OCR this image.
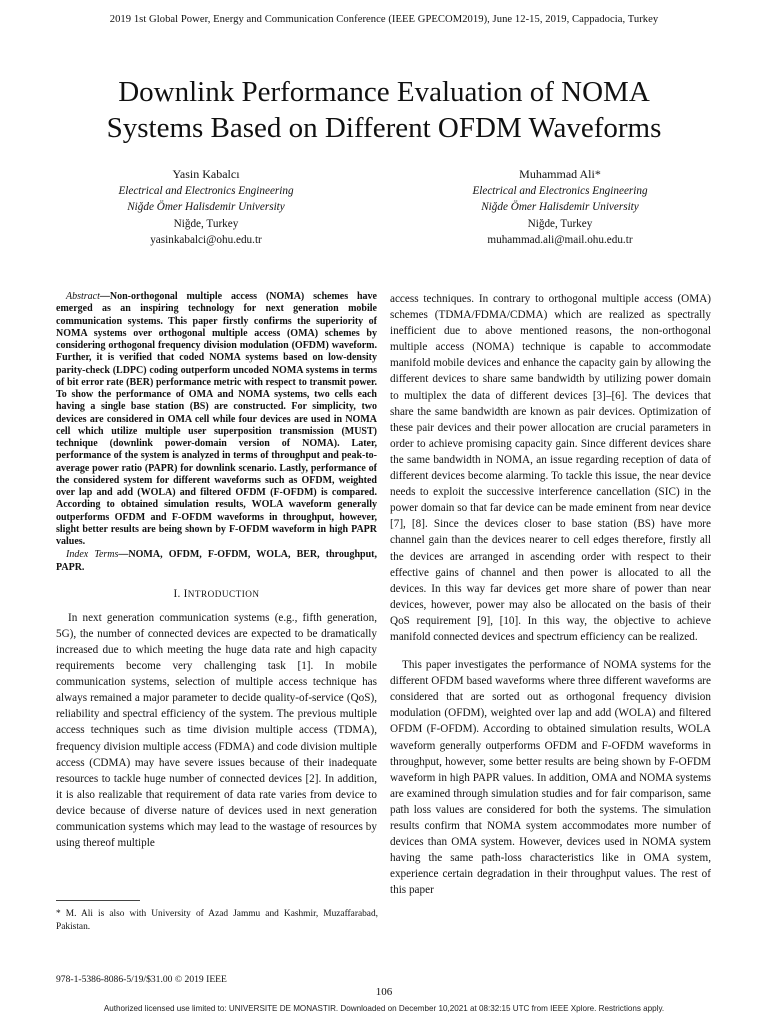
2019 1st Global Power, Energy and Communication Conference (IEEE GPECOM2019), June 12-15, 2019, Cappadocia, Turkey
Downlink Performance Evaluation of NOMA
Systems Based on Different OFDM Waveforms
Yasin Kabalcı
Electrical and Electronics Engineering
Niğde Ömer Halisdemir University
Niğde, Turkey
yasinkabalci@ohu.edu.tr
Muhammad Ali*
Electrical and Electronics Engineering
Niğde Ömer Halisdemir University
Niğde, Turkey
muhammad.ali@mail.ohu.edu.tr

 Abstract—Non-orthogonal multiple access (NOMA) schemes have emerged as an inspiring technology for next generation mobile communication systems. This paper firstly confirms the superiority of NOMA systems over orthogonal multiple access (OMA) schemes by considering orthogonal frequency division modulation (OFDM) waveform. Further, it is verified that coded NOMA systems based on low-density parity-check (LDPC) coding outperform uncoded NOMA systems in terms of bit error rate (BER) performance metric with respect to transmit power. To show the performance of OMA and NOMA systems, two cells each having a single base station (BS) are constructed. For simplicity, two devices are considered in OMA cell while four devices are used in NOMA cell which utilize multiple user superposition transmission (MUST) technique (downlink power-domain version of NOMA). Later, performance of the system is analyzed in terms of throughput and peak-to-average power ratio (PAPR) for downlink scenario. Lastly, performance of the considered system for different waveforms such as OFDM, weighted over lap and add (WOLA) and filtered OFDM (F-OFDM) is compared. According to obtained simulation results, WOLA waveform generally outperforms OFDM and F-OFDM waveforms in throughput, however, slight better results are being shown by F-OFDM waveform in high PAPR values.

 Index Terms—NOMA, OFDM, F-OFDM, WOLA, BER, throughput, PAPR.

I. INTRODUCTION

In next generation communication systems (e.g., fifth generation, 5G), the number of connected devices are expected to be dramatically increased due to which meeting the huge data rate and high capacity requirements become very challenging task [1]. In mobile communication systems, selection of multiple access technique has always remained a major parameter to decide quality-of-service (QoS), reliability and spectral efficiency of the system. The previous multiple access techniques such as time division multiple access (TDMA), frequency division multiple access (FDMA) and code division multiple access (CDMA) may have severe issues because of their inadequate resources to tackle huge number of connected devices [2]. In addition, it is also realizable that requirement of data rate varies from device to device because of diverse nature of devices used in next generation communication systems which may lead to the wastage of resources by using thereof multiple

access techniques. In contrary to orthogonal multiple access (OMA) schemes (TDMA/FDMA/CDMA) which are realized as spectrally inefficient due to above mentioned reasons, the non-orthogonal multiple access (NOMA) technique is capable to accommodate manifold mobile devices and enhance the capacity gain by allowing the different devices to share same bandwidth by utilizing power domain to multiplex the data of different devices [3]–[6]. The devices that share the same bandwidth are known as pair devices. Optimization of these pair devices and their power allocation are crucial parameters in order to achieve promising capacity gain. Since different devices share the same bandwidth in NOMA, an issue regarding reception of data of different devices become alarming. To tackle this issue, the near device needs to exploit the successive interference cancellation (SIC) in the power domain so that far device can be made eminent from near device [7], [8]. Since the devices closer to base station (BS) have more channel gain than the devices nearer to cell edges therefore, firstly all the devices are arranged in ascending order with respect to their effective gains of channel and then power is allocated to all the devices. In this way far devices get more share of power than near devices, however, power may also be allocated on the basis of their QoS requirement [9], [10]. In this way, the objective to achieve manifold connected devices and spectrum efficiency can be realized.

This paper investigates the performance of NOMA systems for the different OFDM based waveforms where three different waveforms are considered that are sorted out as orthogonal frequency division modulation (OFDM), weighted over lap and add (WOLA) and filtered OFDM (F-OFDM). According to obtained simulation results, WOLA waveform generally outperforms OFDM and F-OFDM waveforms in throughput, however, some better results are being shown by F-OFDM waveform in high PAPR values. In addition, OMA and NOMA systems are examined through simulation studies and for fair comparison, same path loss values are considered for both the systems. The simulation results confirm that NOMA system accommodates more number of devices than OMA system. However, devices used in NOMA system having the same path-loss characteristics like in OMA system, experience certain degradation in their throughput values. The rest of this paper

* M. Ali is also with University of Azad Jammu and Kashmir, Muzaffarabad, Pakistan.
978-1-5386-8086-5/19/$31.00 © 2019 IEEE
106
Authorized licensed use limited to: UNIVERSITE DE MONASTIR. Downloaded on December 10,2021 at 08:32:15 UTC from IEEE Xplore. Restrictions apply.
